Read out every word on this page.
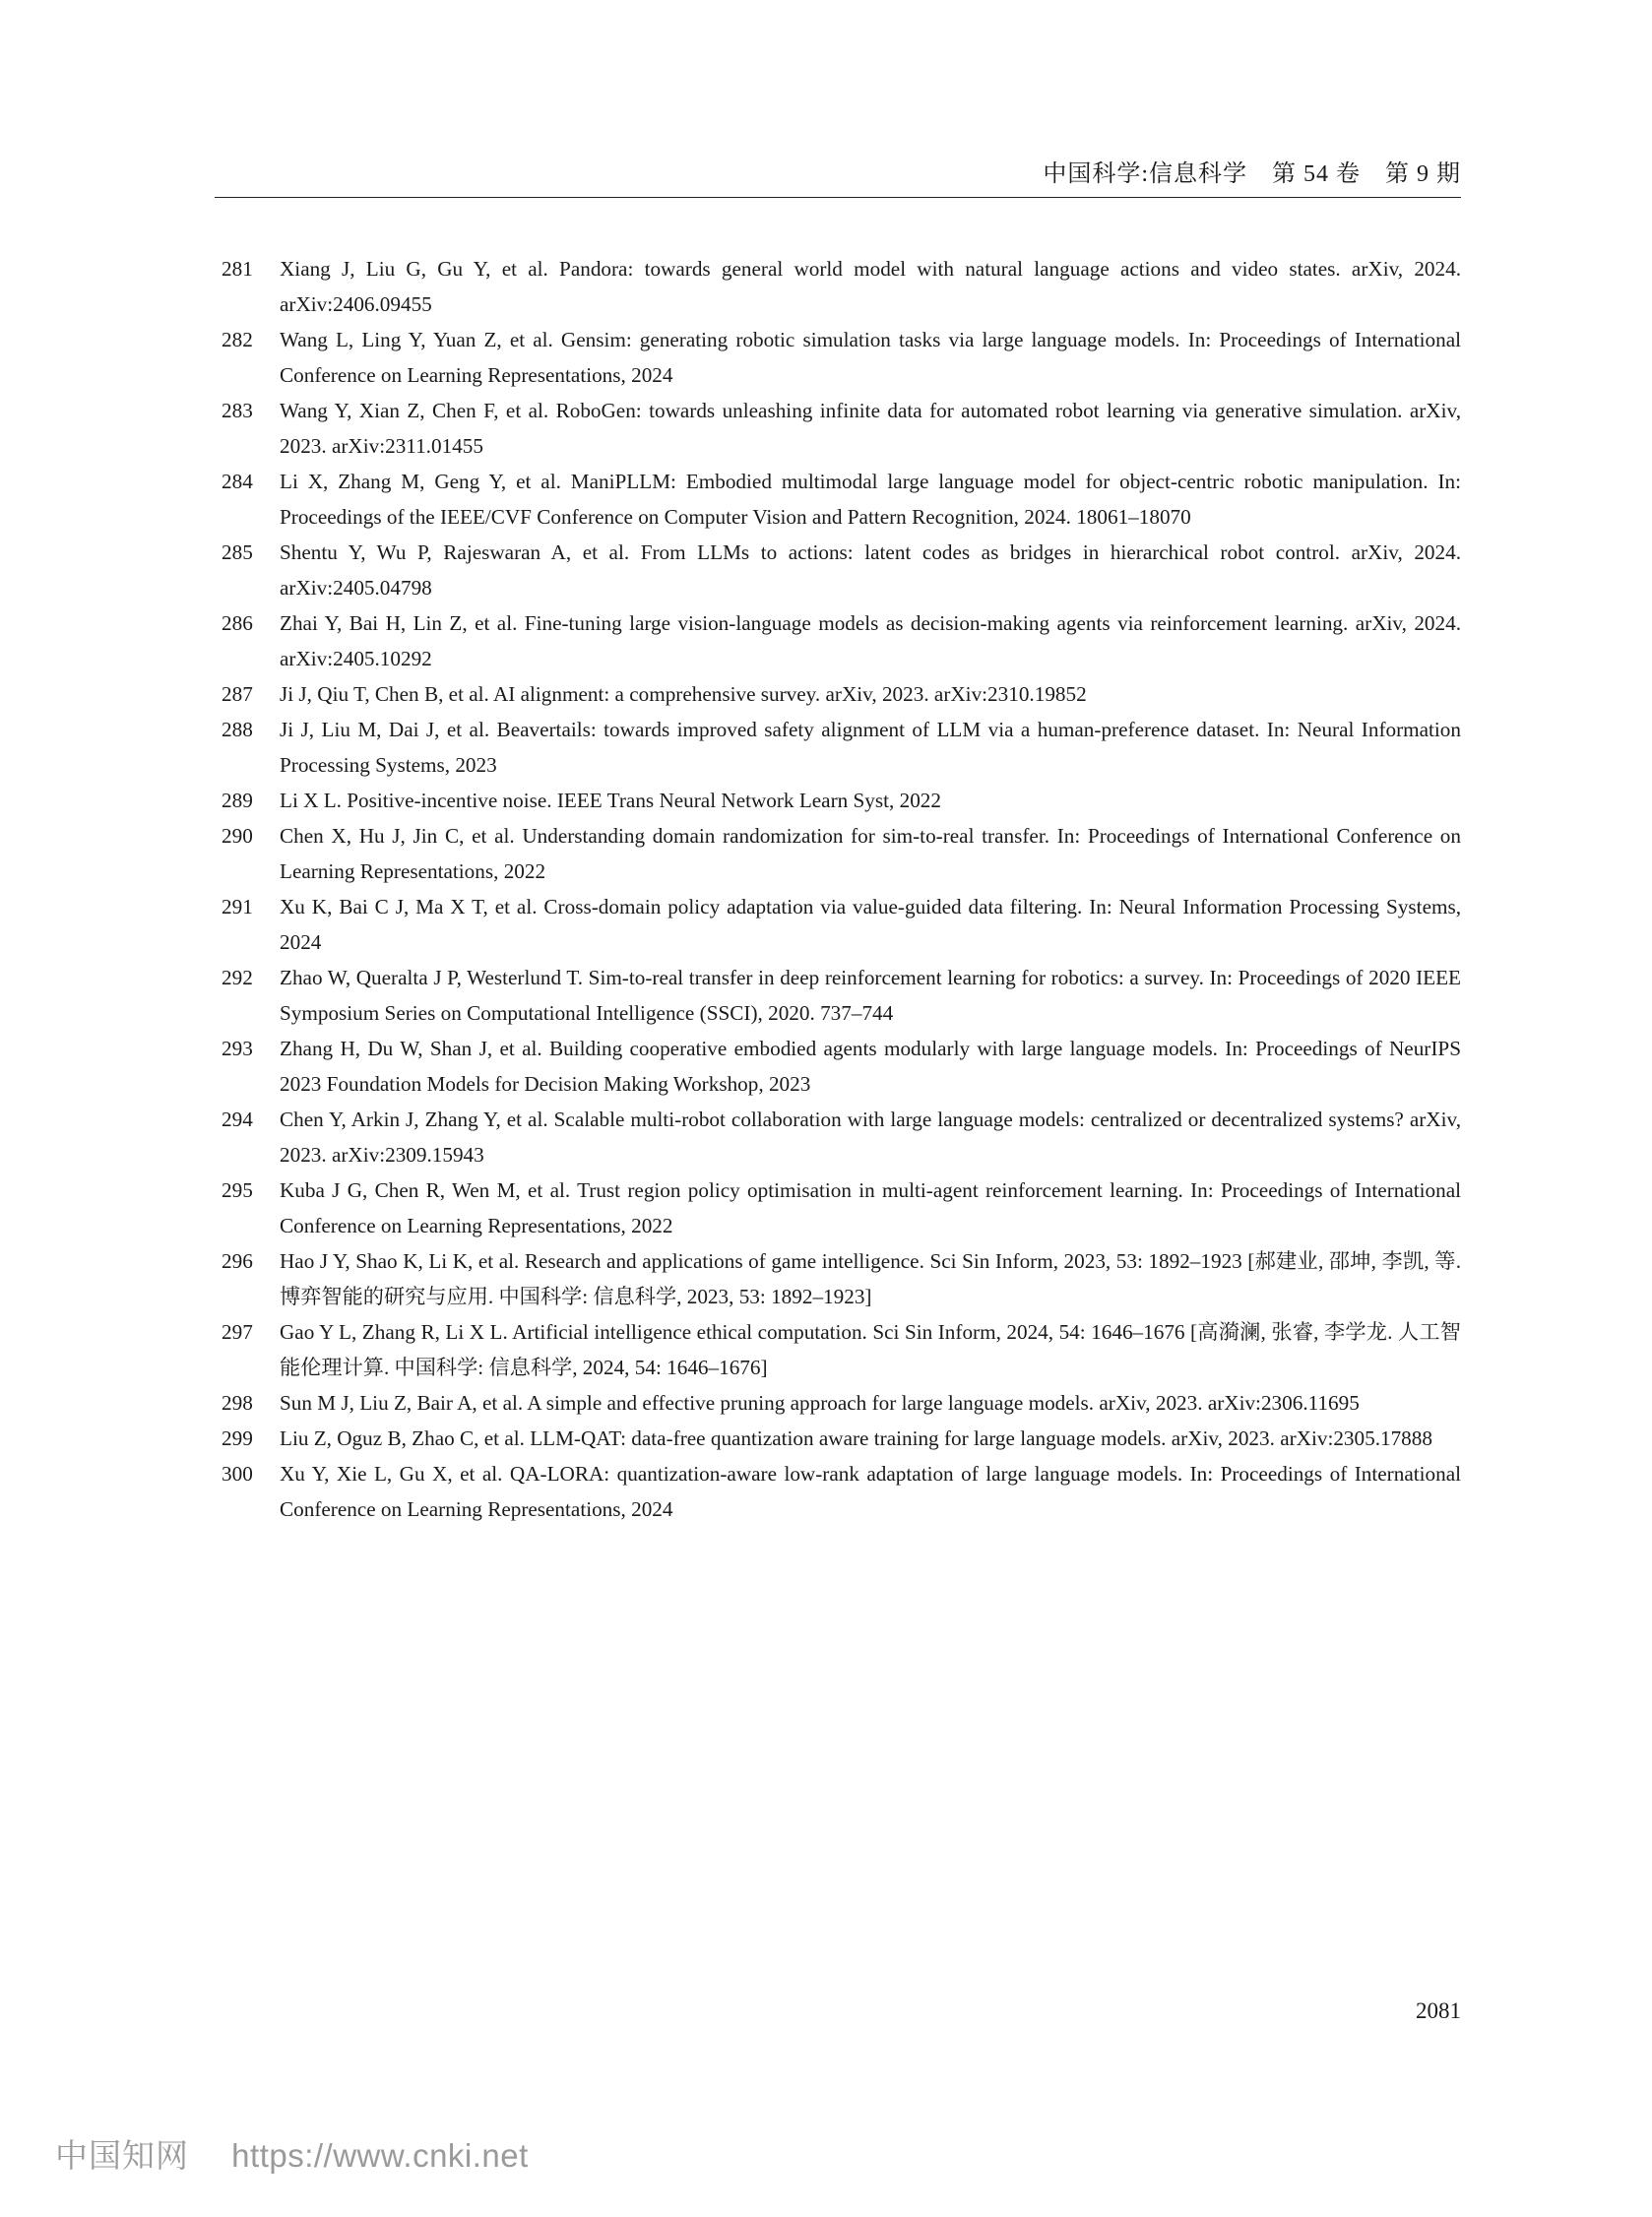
中国科学:信息科学　第 54 卷　第 9 期
281	Xiang J, Liu G, Gu Y, et al. Pandora: towards general world model with natural language actions and video states. arXiv, 2024. arXiv:2406.09455
282	Wang L, Ling Y, Yuan Z, et al. Gensim: generating robotic simulation tasks via large language models. In: Proceedings of International Conference on Learning Representations, 2024
283	Wang Y, Xian Z, Chen F, et al. RoboGen: towards unleashing infinite data for automated robot learning via generative simulation. arXiv, 2023. arXiv:2311.01455
284	Li X, Zhang M, Geng Y, et al. ManiPLLM: Embodied multimodal large language model for object-centric robotic manipulation. In: Proceedings of the IEEE/CVF Conference on Computer Vision and Pattern Recognition, 2024. 18061–18070
285	Shentu Y, Wu P, Rajeswaran A, et al. From LLMs to actions: latent codes as bridges in hierarchical robot control. arXiv, 2024. arXiv:2405.04798
286	Zhai Y, Bai H, Lin Z, et al. Fine-tuning large vision-language models as decision-making agents via reinforcement learning. arXiv, 2024. arXiv:2405.10292
287	Ji J, Qiu T, Chen B, et al. AI alignment: a comprehensive survey. arXiv, 2023. arXiv:2310.19852
288	Ji J, Liu M, Dai J, et al. Beavertails: towards improved safety alignment of LLM via a human-preference dataset. In: Neural Information Processing Systems, 2023
289	Li X L. Positive-incentive noise. IEEE Trans Neural Network Learn Syst, 2022
290	Chen X, Hu J, Jin C, et al. Understanding domain randomization for sim-to-real transfer. In: Proceedings of International Conference on Learning Representations, 2022
291	Xu K, Bai C J, Ma X T, et al. Cross-domain policy adaptation via value-guided data filtering. In: Neural Information Processing Systems, 2024
292	Zhao W, Queralta J P, Westerlund T. Sim-to-real transfer in deep reinforcement learning for robotics: a survey. In: Proceedings of 2020 IEEE Symposium Series on Computational Intelligence (SSCI), 2020. 737–744
293	Zhang H, Du W, Shan J, et al. Building cooperative embodied agents modularly with large language models. In: Proceedings of NeurIPS 2023 Foundation Models for Decision Making Workshop, 2023
294	Chen Y, Arkin J, Zhang Y, et al. Scalable multi-robot collaboration with large language models: centralized or decentralized systems? arXiv, 2023. arXiv:2309.15943
295	Kuba J G, Chen R, Wen M, et al. Trust region policy optimisation in multi-agent reinforcement learning. In: Proceedings of International Conference on Learning Representations, 2022
296	Hao J Y, Shao K, Li K, et al. Research and applications of game intelligence. Sci Sin Inform, 2023, 53: 1892–1923 [郝建业, 邵坤, 李凯, 等. 博弈智能的研究与应用. 中国科学: 信息科学, 2023, 53: 1892–1923]
297	Gao Y L, Zhang R, Li X L. Artificial intelligence ethical computation. Sci Sin Inform, 2024, 54: 1646–1676 [高漪澜, 张睿, 李学龙. 人工智能伦理计算. 中国科学: 信息科学, 2024, 54: 1646–1676]
298	Sun M J, Liu Z, Bair A, et al. A simple and effective pruning approach for large language models. arXiv, 2023. arXiv:2306.11695
299	Liu Z, Oguz B, Zhao C, et al. LLM-QAT: data-free quantization aware training for large language models. arXiv, 2023. arXiv:2305.17888
300	Xu Y, Xie L, Gu X, et al. QA-LORA: quantization-aware low-rank adaptation of large language models. In: Proceedings of International Conference on Learning Representations, 2024
2081
中国知网 https://www.cnki.net
